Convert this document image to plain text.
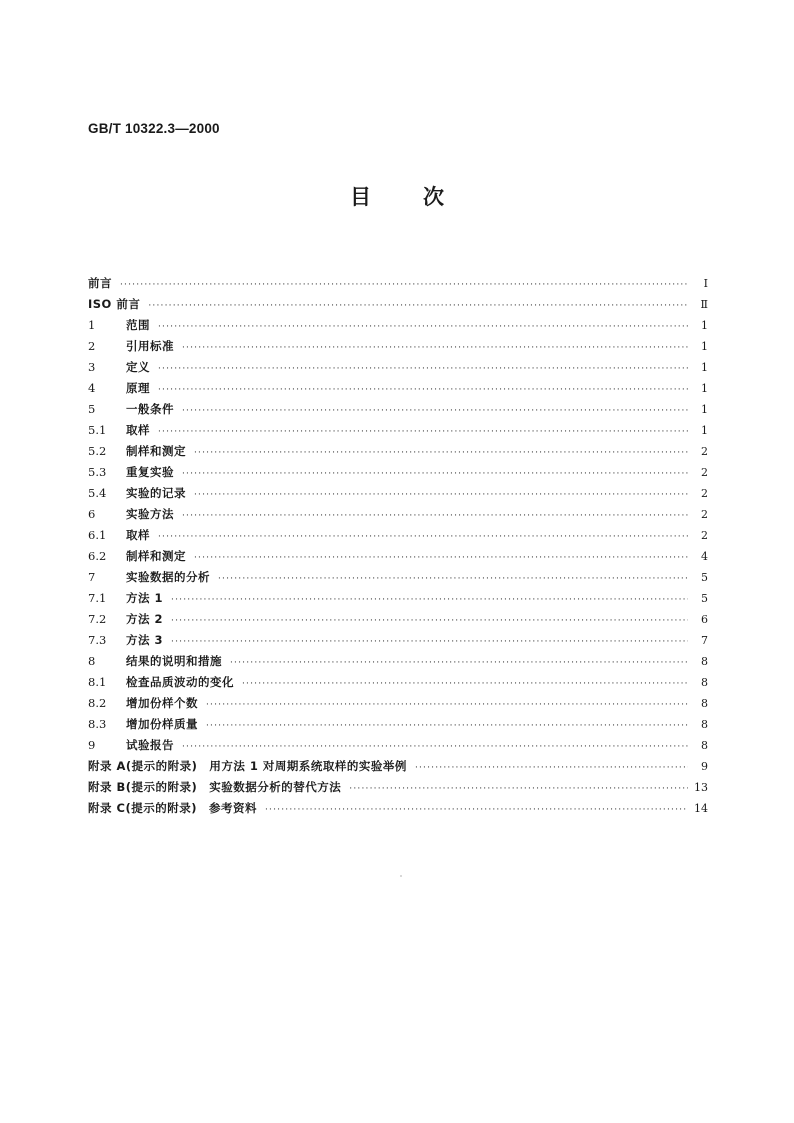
GB/T 10322.3—2000
目 次
前言 ·····	I
ISO 前言 ·····	Ⅱ
1	范围 ·····	1
2	引用标准 ·····	1
3	定义 ·····	1
4	原理 ·····	1
5	一般条件 ·····	1
5.1	取样 ·····	1
5.2	制样和测定 ·····	2
5.3	重复实验 ·····	2
5.4	实验的记录 ·····	2
6	实验方法 ·····	2
6.1	取样 ·····	2
6.2	制样和测定 ·····	4
7	实验数据的分析 ·····	5
7.1	方法 1 ·····	5
7.2	方法 2 ·····	6
7.3	方法 3 ·····	7
8	结果的说明和措施 ·····	8
8.1	检查品质波动的变化 ·····	8
8.2	增加份样个数 ·····	8
8.3	增加份样质量 ·····	8
9	试验报告 ·····	8
附录 A(提示的附录) 用方法 1 对周期系统取样的实验举例 ·····	9
附录 B(提示的附录) 实验数据分析的替代方法 ·····	13
附录 C(提示的附录) 参考资料 ·····	14
